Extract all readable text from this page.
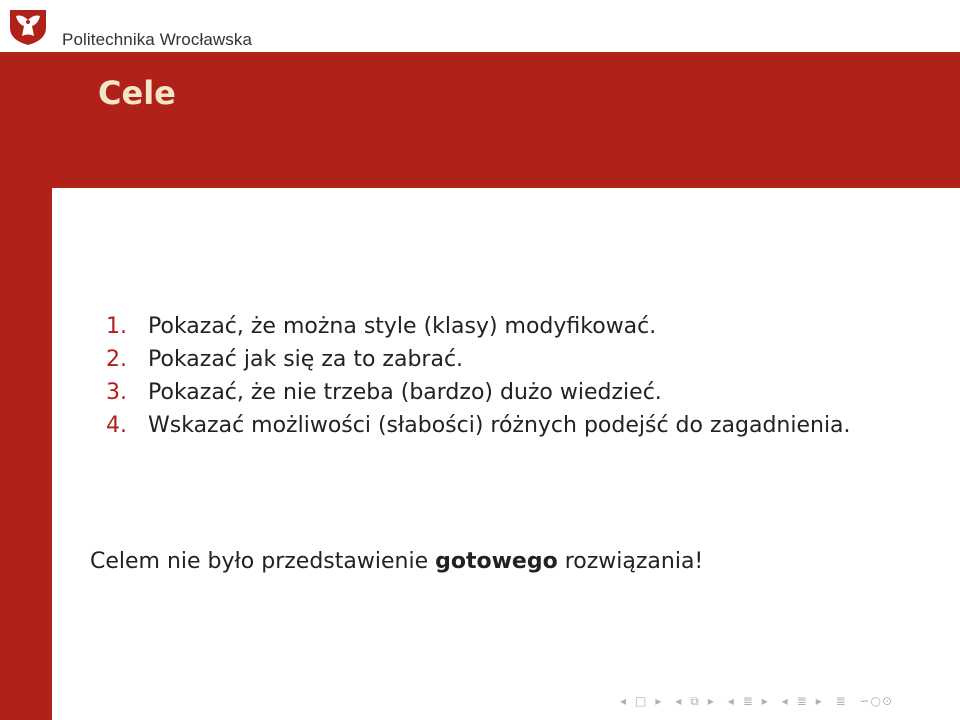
Politechnika Wrocławska
Cele
1. Pokazać, że można style (klasy) modyfikować.
2. Pokazać jak się za to zabrać.
3. Pokazać, że nie trzeba (bardzo) dużo wiedzieć.
4. Wskazać możliwości (słabości) różnych podejść do zagadnienia.
Celem nie było przedstawienie gotowego rozwiązania!
◂ □ ▸ ◂ ⧉ ▸ ◂ ≣ ▸ ◂ ≣ ▸ ≣ ∽○⊙
